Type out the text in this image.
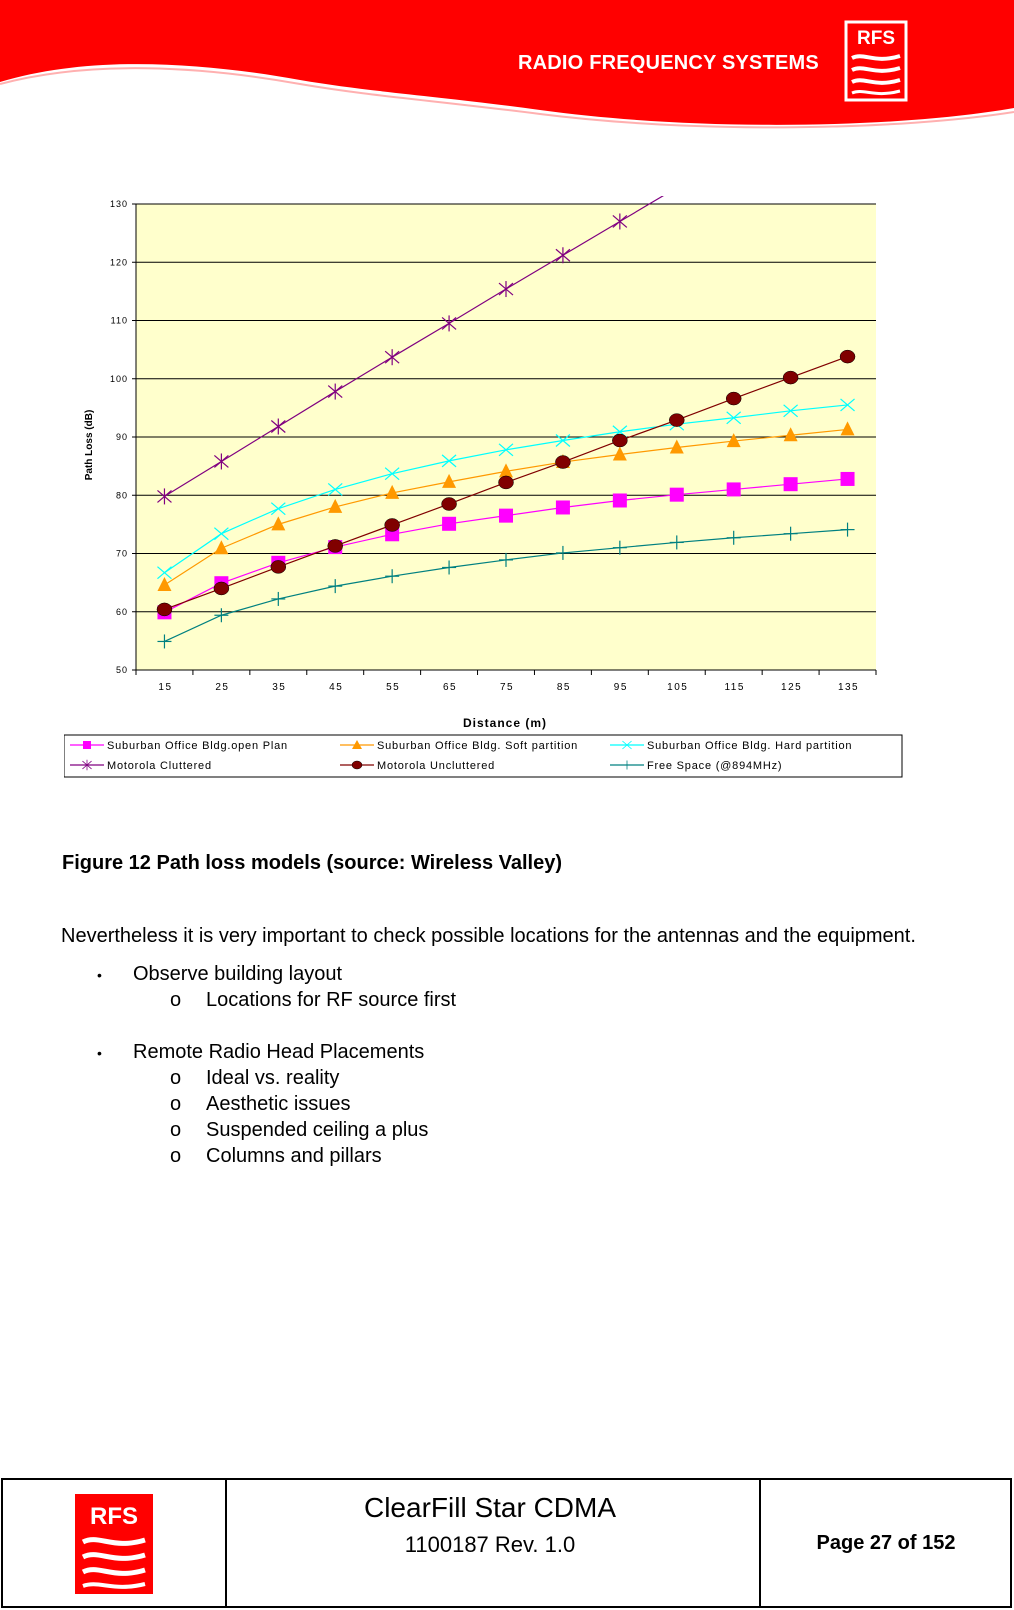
RADIO FREQUENCY SYSTEMS
RFS
50
60
70
80
90
100
110
120
130
15	25	35	45	55	65	75	85	95	105	115	125	135
Distance (m)
Path Loss (dB)
Suburban Office Bldg.open Plan	Suburban Office Bldg. Soft partition	Suburban Office Bldg. Hard partition
Motorola Cluttered	Motorola Uncluttered	Free Space (@894MHz)
Figure 12 Path loss models (source: Wireless Valley)
Nevertheless it is very important to check possible locations for the antennas and the equipment.
• Observe building layout
o Locations for RF source first
• Remote Radio Head Placements
o Ideal vs. reality
o Aesthetic issues
o Suspended ceiling a plus
o Columns and pillars
RFS	ClearFill Star CDMA
1100187 Rev. 1.0	Page 27 of 152
